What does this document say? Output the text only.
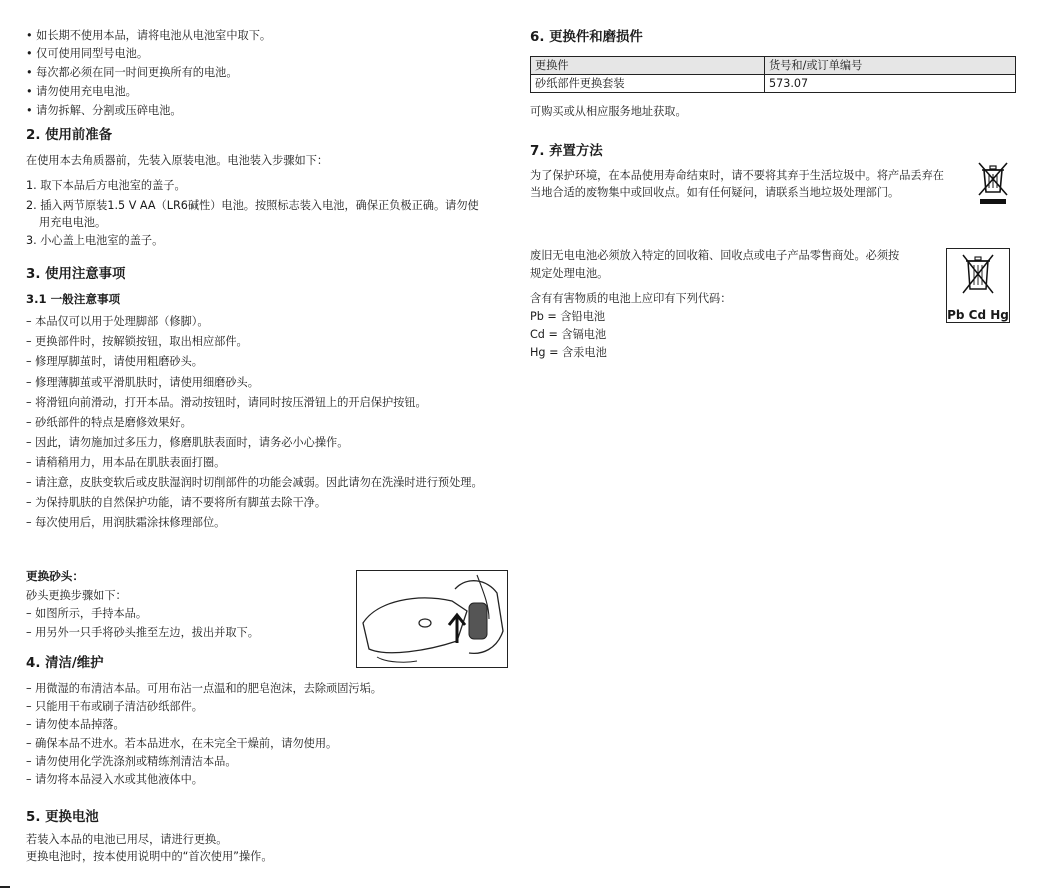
• 如长期不使用本品，请将电池从电池室中取下。
• 仅可使用同型号电池。
• 每次都必须在同一时间更换所有的电池。
• 请勿使用充电电池。
• 请勿拆解、分割或压碎电池。
2. 使用前准备
在使用本去角质器前，先装入原装电池。电池装入步骤如下：
1. 取下本品后方电池室的盖子。
2. 插入两节原装1.5 V AA（LR6碱性）电池。按照标志装入电池，确保正负极正确。请勿使
用充电电池。
3. 小心盖上电池室的盖子。
3. 使用注意事项
3.1 一般注意事项
– 本品仅可以用于处理脚部（修脚）。
– 更换部件时，按解锁按钮，取出相应部件。
– 修理厚脚茧时，请使用粗磨砂头。
– 修理薄脚茧或平滑肌肤时，请使用细磨砂头。
– 将滑钮向前滑动，打开本品。滑动按钮时，请同时按压滑钮上的开启保护按钮。
– 砂纸部件的特点是磨修效果好。
– 因此，请勿施加过多压力，修磨肌肤表面时，请务必小心操作。
– 请稍稍用力，用本品在肌肤表面打圈。
– 请注意，皮肤变软后或皮肤湿润时切削部件的功能会减弱。因此请勿在洗澡时进行预处理。
– 为保持肌肤的自然保护功能，请不要将所有脚茧去除干净。
– 每次使用后，用润肤霜涂抹修理部位。
更换砂头：
砂头更换步骤如下：
– 如图所示，手持本品。
– 用另外一只手将砂头推至左边，拔出并取下。
4. 清洁/维护
– 用微湿的布清洁本品。可用布沾一点温和的肥皂泡沫，去除顽固污垢。
– 只能用干布或刷子清洁砂纸部件。
– 请勿使本品掉落。
– 确保本品不进水。若本品进水，在未完全干燥前，请勿使用。
– 请勿使用化学洗涤剂或精练剂清洁本品。
– 请勿将本品浸入水或其他液体中。
5. 更换电池
若装入本品的电池已用尽，请进行更换。
更换电池时，按本使用说明中的“首次使用”操作。
6. 更换件和磨损件
更换件	货号和/或订单编号
砂纸部件更换套装	573.07
可购买或从相应服务地址获取。
7. 弃置方法
为了保护环境，在本品使用寿命结束时，请不要将其弃于生活垃圾中。将产品丢弃在
当地合适的废物集中或回收点。如有任何疑问，请联系当地垃圾处理部门。
废旧无电电池必须放入特定的回收箱、回收点或电子产品零售商处。必须按
规定处理电池。
含有有害物质的电池上应印有下列代码：
Pb = 含铅电池
Cd = 含镉电池
Hg = 含汞电池
Pb Cd Hg
